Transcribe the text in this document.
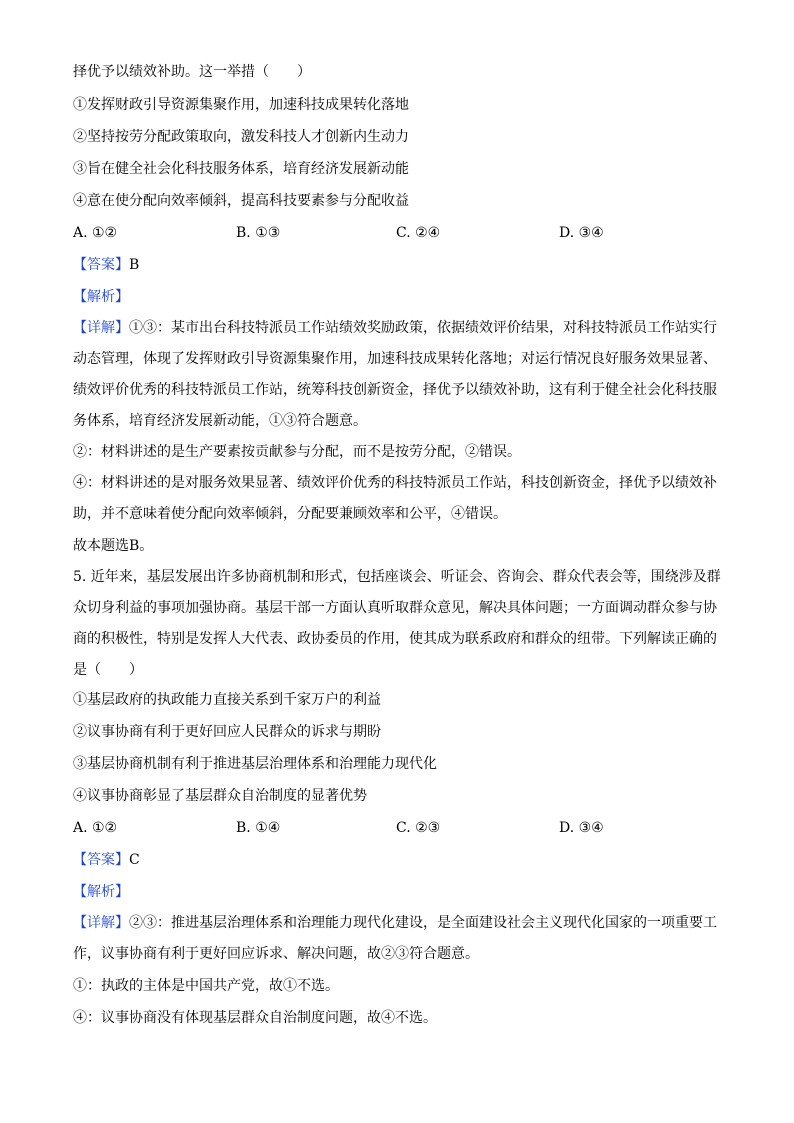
择优予以绩效补助。这一举措（　　）
①发挥财政引导资源集聚作用，加速科技成果转化落地
②坚持按劳分配政策取向，激发科技人才创新内生动力
③旨在健全社会化科技服务体系，培育经济发展新动能
④意在使分配向效率倾斜，提高科技要素参与分配收益
A. ①②	B. ①③	C. ②④	D. ③④
【答案】B
【解析】
【详解】①③：某市出台科技特派员工作站绩效奖励政策，依据绩效评价结果，对科技特派员工作站实行
动态管理，体现了发挥财政引导资源集聚作用，加速科技成果转化落地；对运行情况良好服务效果显著、
绩效评价优秀的科技特派员工作站，统筹科技创新资金，择优予以绩效补助，这有利于健全社会化科技服
务体系，培育经济发展新动能，①③符合题意。
②：材料讲述的是生产要素按贡献参与分配，而不是按劳分配，②错误。
④：材料讲述的是对服务效果显著、绩效评价优秀的科技特派员工作站，科技创新资金，择优予以绩效补
助，并不意味着使分配向效率倾斜，分配要兼顾效率和公平，④错误。
故本题选B。
5. 近年来，基层发展出许多协商机制和形式，包括座谈会、听证会、咨询会、群众代表会等，围绕涉及群
众切身利益的事项加强协商。基层干部一方面认真听取群众意见，解决具体问题；一方面调动群众参与协
商的积极性，特别是发挥人大代表、政协委员的作用，使其成为联系政府和群众的纽带。下列解读正确的
是（　　）
①基层政府的执政能力直接关系到千家万户的利益
②议事协商有利于更好回应人民群众的诉求与期盼
③基层协商机制有利于推进基层治理体系和治理能力现代化
④议事协商彰显了基层群众自治制度的显著优势
A. ①②	B. ①④	C. ②③	D. ③④
【答案】C
【解析】
【详解】②③：推进基层治理体系和治理能力现代化建设，是全面建设社会主义现代化国家的一项重要工
作，议事协商有利于更好回应诉求、解决问题，故②③符合题意。
①：执政的主体是中国共产党，故①不选。
④：议事协商没有体现基层群众自治制度问题，故④不选。
